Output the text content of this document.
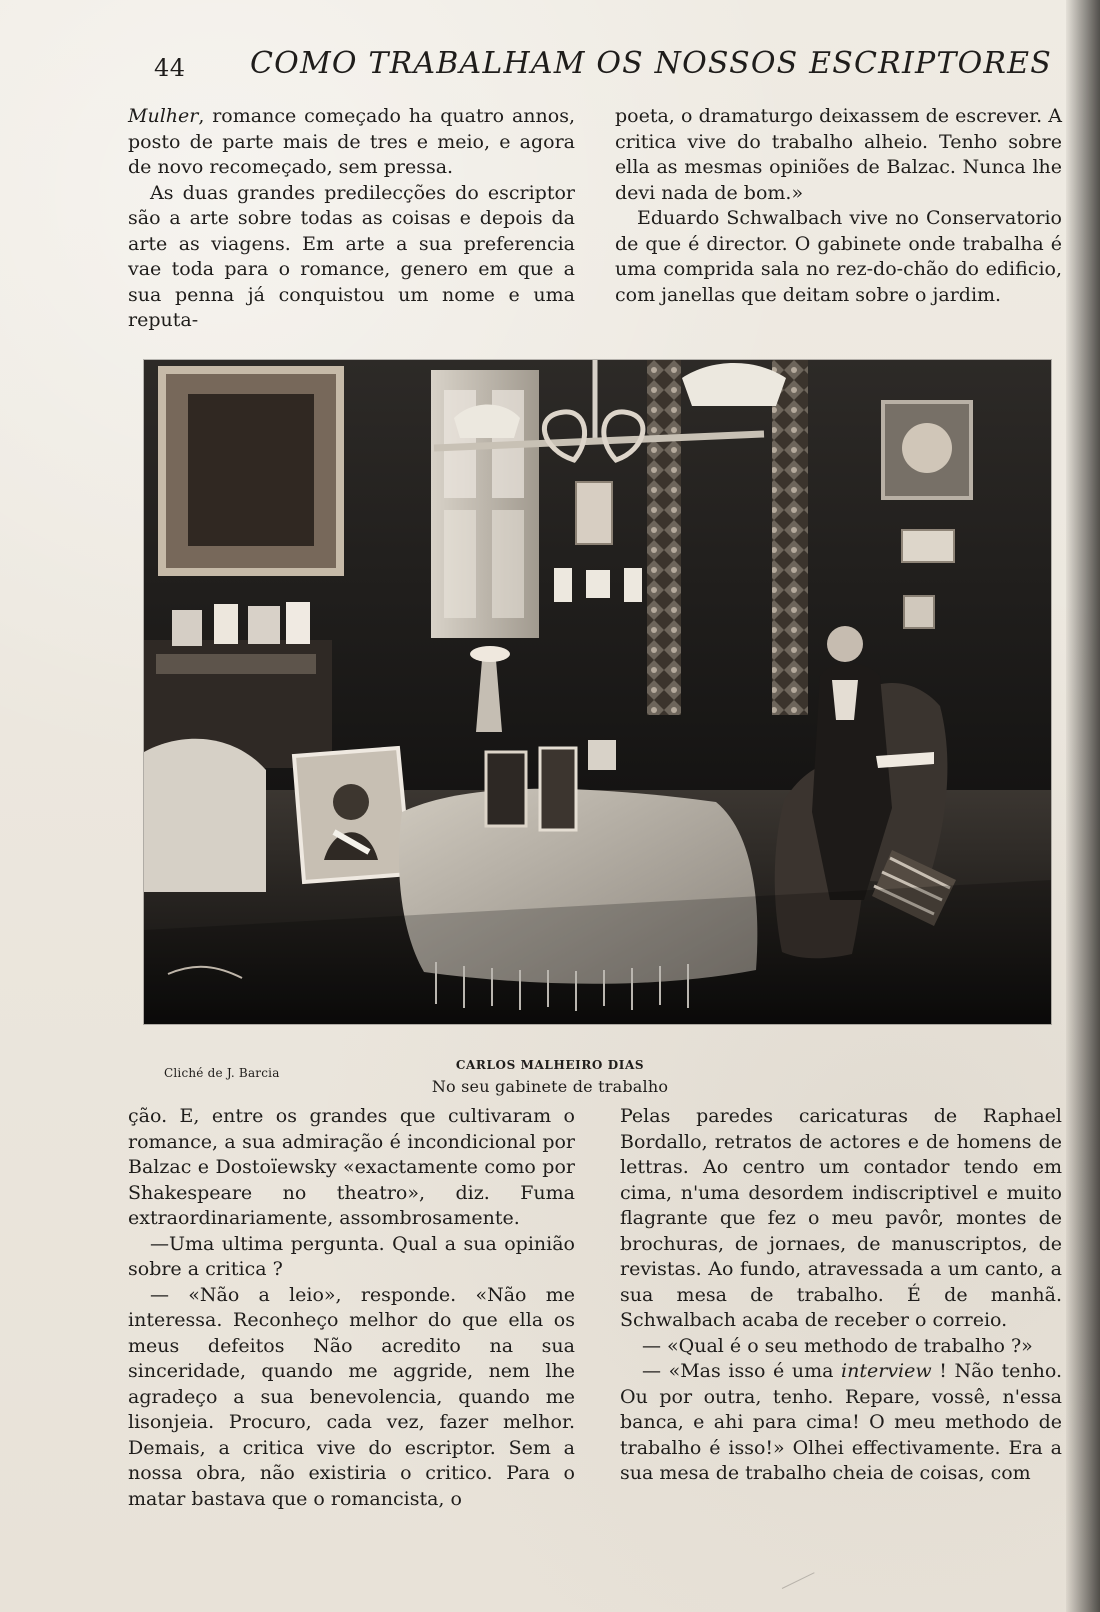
44 COMO TRABALHAM OS NOSSOS ESCRIPTORES

Mulher, romance começado ha quatro annos, posto de parte mais de tres e meio, e agora de novo recomeçado, sem pressa.

As duas grandes predilecções do escriptor são a arte sobre todas as coisas e depois da arte as viagens. Em arte a sua preferencia vae toda para o romance, genero em que a sua penna já conquistou um nome e uma reputa-

poeta, o dramaturgo deixassem de escrever. A critica vive do trabalho alheio. Tenho sobre ella as mesmas opiniões de Balzac. Nunca lhe devi nada de bom.»

Eduardo Schwalbach vive no Conservatorio de que é director. O gabinete onde trabalha é uma comprida sala no rez-do-chão do edificio, com janellas que deitam sobre o jardim.

Cliché de J. Barcia
CARLOS MALHEIRO DIAS
No seu gabinete de trabalho

ção. E, entre os grandes que cultivaram o romance, a sua admiração é incondicional por Balzac e Dostoïewsky «exactamente como por Shakespeare no theatro», diz. Fuma extraordinariamente, assombrosamente.

—Uma ultima pergunta. Qual a sua opinião sobre a critica ?

— «Não a leio», responde. «Não me interessa. Reconheço melhor do que ella os meus defeitos Não acredito na sua sinceridade, quando me aggride, nem lhe agradeço a sua benevolencia, quando me lisonjeia. Procuro, cada vez, fazer melhor. Demais, a critica vive do escriptor. Sem a nossa obra, não existiria o critico. Para o matar bastava que o romancista, o

Pelas paredes caricaturas de Raphael Bordallo, retratos de actores e de homens de lettras. Ao centro um contador tendo em cima, n'uma desordem indiscriptivel e muito flagrante que fez o meu pavôr, montes de brochuras, de jornaes, de manuscriptos, de revistas. Ao fundo, atravessada a um canto, a sua mesa de trabalho. É de manhã. Schwalbach acaba de receber o correio.

— «Qual é o seu methodo de trabalho ?»

— «Mas isso é uma interview ! Não tenho. Ou por outra, tenho. Repare, vossê, n'essa banca, e ahi para cima! O meu methodo de trabalho é isso!» Olhei effectivamente. Era a sua mesa de trabalho cheia de coisas, com
